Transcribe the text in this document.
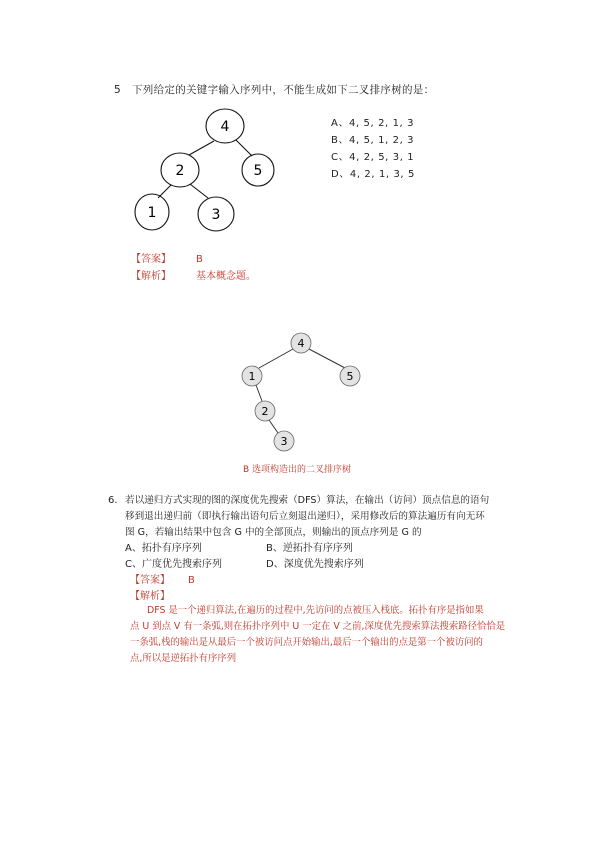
5 下列给定的关键字输入序列中，不能生成如下二叉排序树的是：
4
2	5
1	3
A、4, 5, 2, 1, 3
B、4, 5, 1, 2, 3
C、4, 2, 5, 3, 1
D、4, 2, 1, 3, 5
【答案】	B
【解析】	基本概念题。
4
1	5
2
3
B 选项构造出的二叉排序树
6. 若以递归方式实现的图的深度优先搜索（DFS）算法，在输出（访问）顶点信息的语句
移到退出递归前（即执行输出语句后立刻退出递归），采用修改后的算法遍历有向无环
图 G，若输出结果中包含 G 中的全部顶点，则输出的顶点序列是 G 的
A、拓扑有序序列	B、逆拓扑有序序列
C、广度优先搜索序列	D、深度优先搜索序列
【答案】 B
【解析】
DFS 是一个递归算法,在遍历的过程中,先访问的点被压入栈底。拓扑有序是指如果
点 U 到点 V 有一条弧,则在拓扑序列中 U 一定在 V 之前,深度优先搜索算法搜索路径恰恰是
一条弧,栈的输出是从最后一个被访问点开始输出,最后一个输出的点是第一个被访问的
点,所以是逆拓扑有序序列
